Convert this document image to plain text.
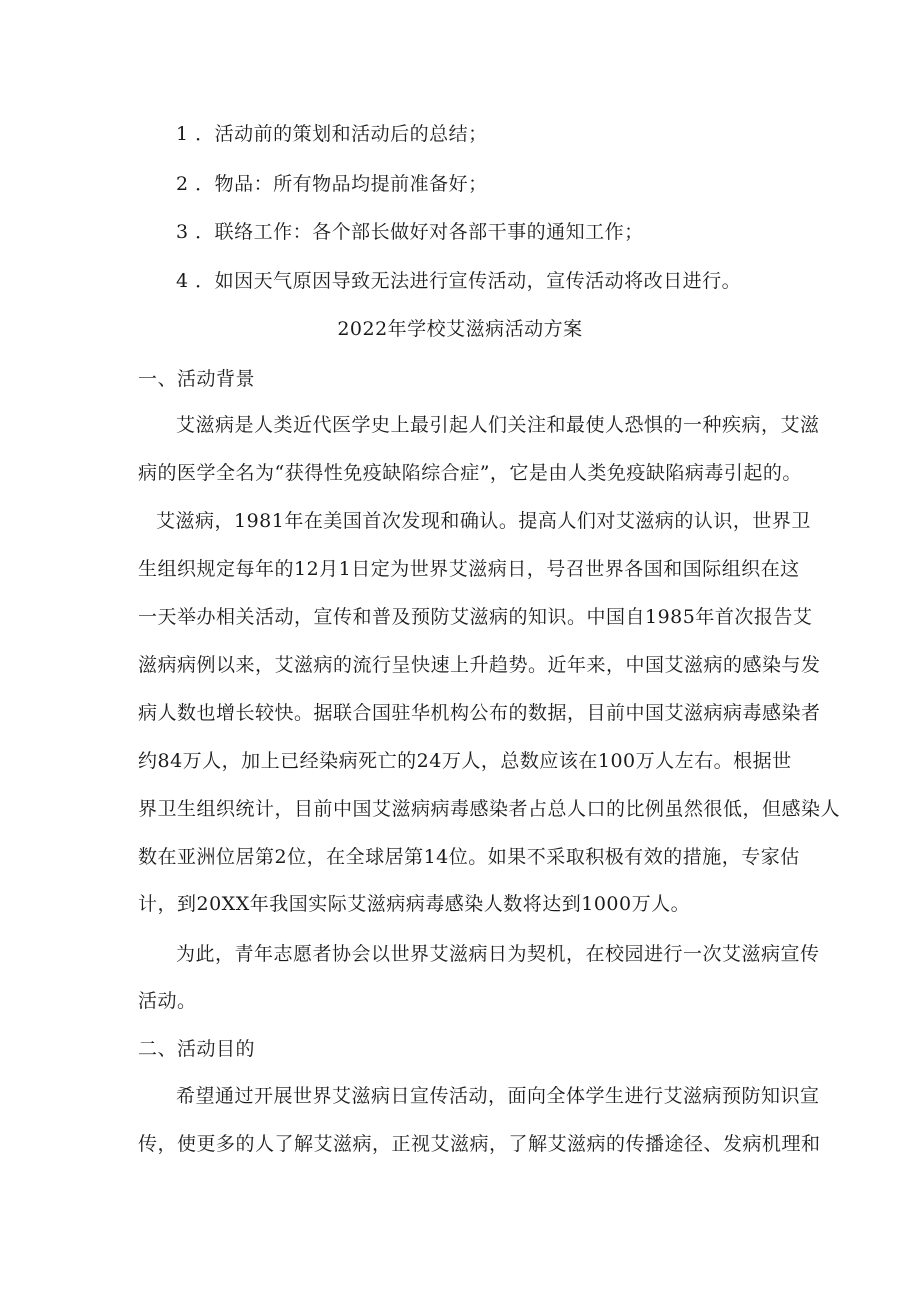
1 ．活动前的策划和活动后的总结；
2 ．物品：所有物品均提前准备好；
3 ．联络工作：各个部长做好对各部干事的通知工作；
4 ．如因天气原因导致无法进行宣传活动，宣传活动将改日进行。
2022年学校艾滋病活动方案
一、活动背景
艾滋病是人类近代医学史上最引起人们关注和最使人恐惧的一种疾病，艾滋
病的医学全名为“获得性免疫缺陷综合症”，它是由人类免疫缺陷病毒引起的。
艾滋病，1981年在美国首次发现和确认。提高人们对艾滋病的认识，世界卫
生组织规定每年的12月1日定为世界艾滋病日，号召世界各国和国际组织在这
一天举办相关活动，宣传和普及预防艾滋病的知识。中国自1985年首次报告艾
滋病病例以来，艾滋病的流行呈快速上升趋势。近年来，中国艾滋病的感染与发
病人数也增长较快。据联合国驻华机构公布的数据，目前中国艾滋病病毒感染者
约84万人，加上已经染病死亡的24万人，总数应该在100万人左右。根据世
界卫生组织统计，目前中国艾滋病病毒感染者占总人口的比例虽然很低，但感染人
数在亚洲位居第2位，在全球居第14位。如果不采取积极有效的措施，专家估
计，到20XX年我国实际艾滋病病毒感染人数将达到1000万人。
为此，青年志愿者协会以世界艾滋病日为契机，在校园进行一次艾滋病宣传
活动。
二、活动目的
希望通过开展世界艾滋病日宣传活动，面向全体学生进行艾滋病预防知识宣
传，使更多的人了解艾滋病，正视艾滋病，了解艾滋病的传播途径、发病机理和
